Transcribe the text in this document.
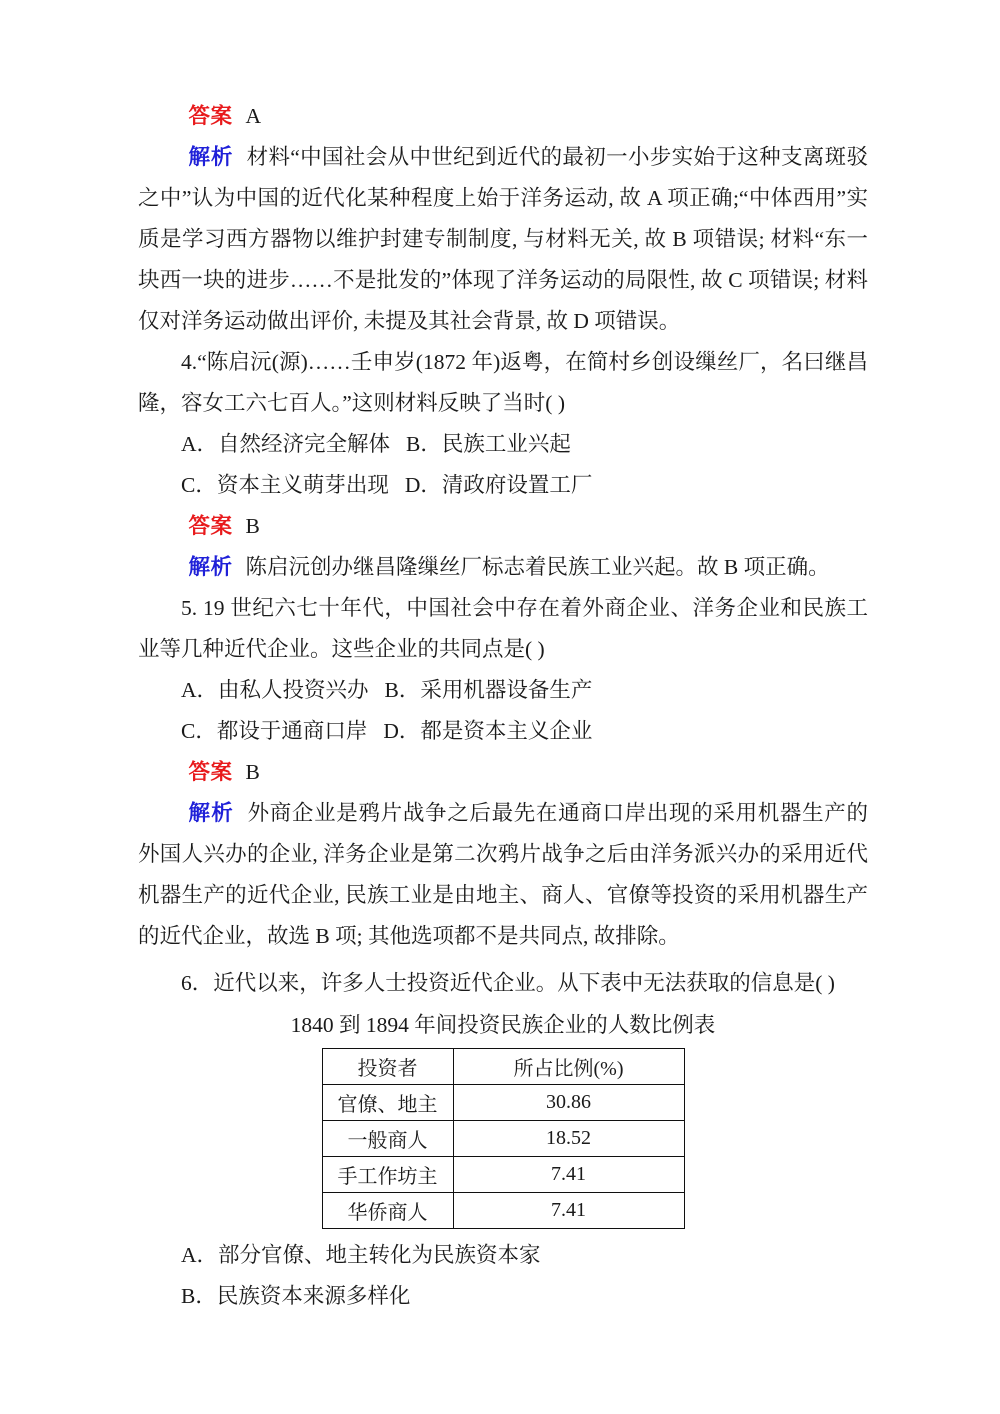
答案 A

解析 材料“中国社会从中世纪到近代的最初一小步实始于这种支离斑驳之中”认为中国的近代化某种程度上始于洋务运动, 故 A 项正确;“中体西用”实质是学习西方器物以维护封建专制制度, 与材料无关, 故 B 项错误; 材料“东一块西一块的进步……不是批发的”体现了洋务运动的局限性, 故 C 项错误; 材料仅对洋务运动做出评价, 未提及其社会背景, 故 D 项错误。

4.“陈启沅(源)……壬申岁(1872 年)返粤，在简村乡创设缫丝厂，名曰继昌隆，容女工六七百人。”这则材料反映了当时( )

A．自然经济完全解体 B．民族工业兴起

C．资本主义萌芽出现 D．清政府设置工厂

答案 B

解析 陈启沅创办继昌隆缫丝厂标志着民族工业兴起。故 B 项正确。

5. 19 世纪六七十年代，中国社会中存在着外商企业、洋务企业和民族工业等几种近代企业。这些企业的共同点是( )

A．由私人投资兴办 B．采用机器设备生产

C．都设于通商口岸 D．都是资本主义企业

答案 B

解析 外商企业是鸦片战争之后最先在通商口岸出现的采用机器生产的外国人兴办的企业, 洋务企业是第二次鸦片战争之后由洋务派兴办的采用近代机器生产的近代企业, 民族工业是由地主、商人、官僚等投资的采用机器生产的近代企业，故选 B 项; 其他选项都不是共同点, 故排除。

6．近代以来，许多人士投资近代企业。从下表中无法获取的信息是( )

1840 到 1894 年间投资民族企业的人数比例表

投资者	所占比例(%)
官僚、地主	30.86
一般商人	18.52
手工作坊主	7.41
华侨商人	7.41

A．部分官僚、地主转化为民族资本家

B．民族资本来源多样化
